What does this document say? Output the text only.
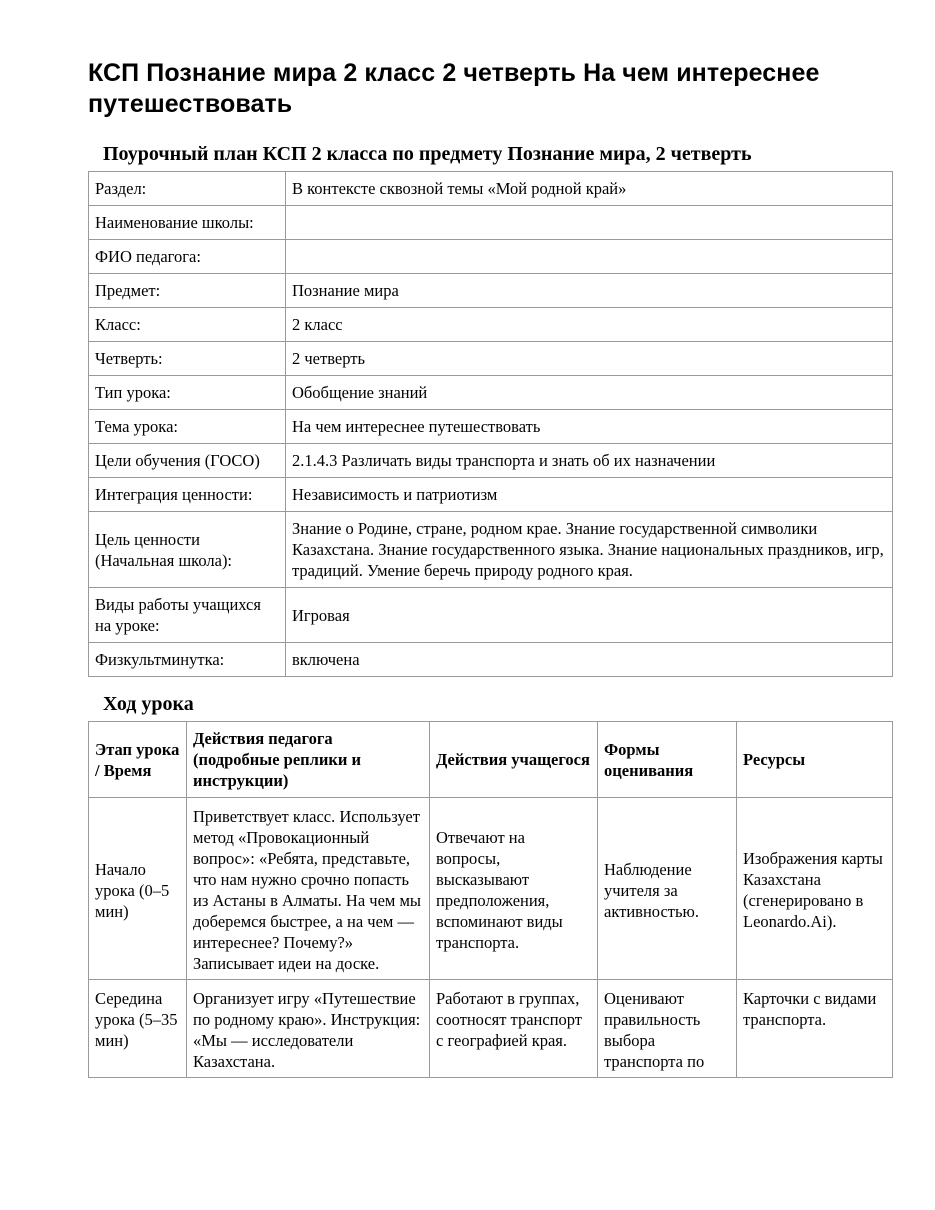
КСП Познание мира 2 класс 2 четверть На чем интереснее путешествовать
Поурочный план КСП 2 класса по предмету Познание мира, 2 четверть
Раздел:	В контексте сквозной темы «Мой родной край»
Наименование школы:	
ФИО педагога:	
Предмет:	Познание мира
Класс:	2 класс
Четверть:	2 четверть
Тип урока:	Обобщение знаний
Тема урока:	На чем интереснее путешествовать
Цели обучения (ГОСО)	2.1.4.3 Различать виды транспорта и знать об их назначении
Интеграция ценности:	Независимость и патриотизм
Цель ценности (Начальная школа):	Знание о Родине, стране, родном крае. Знание государственной символики Казахстана. Знание государственного языка. Знание национальных праздников, игр, традиций. Умение беречь природу родного края.
Виды работы учащихся на уроке:	Игровая
Физкультминутка:	включена
Ход урока
Этап урока / Время	Действия педагога (подробные реплики и инструкции)	Действия учащегося	Формы оценивания	Ресурсы
Начало урока (0–5 мин)	Приветствует класс. Использует метод «Провокационный вопрос»: «Ребята, представьте, что нам нужно срочно попасть из Астаны в Алматы. На чем мы доберемся быстрее, а на чем — интереснее? Почему?» Записывает идеи на доске.	Отвечают на вопросы, высказывают предположения, вспоминают виды транспорта.	Наблюдение учителя за активностью.	Изображения карты Казахстана (сгенерировано в Leonardo.Ai).
Середина урока (5–35 мин)	Организует игру «Путешествие по родному краю». Инструкция: «Мы — исследователи Казахстана.	Работают в группах, соотносят транспорт с географией края.	Оценивают правильность выбора транспорта по	Карточки с видами транспорта.
